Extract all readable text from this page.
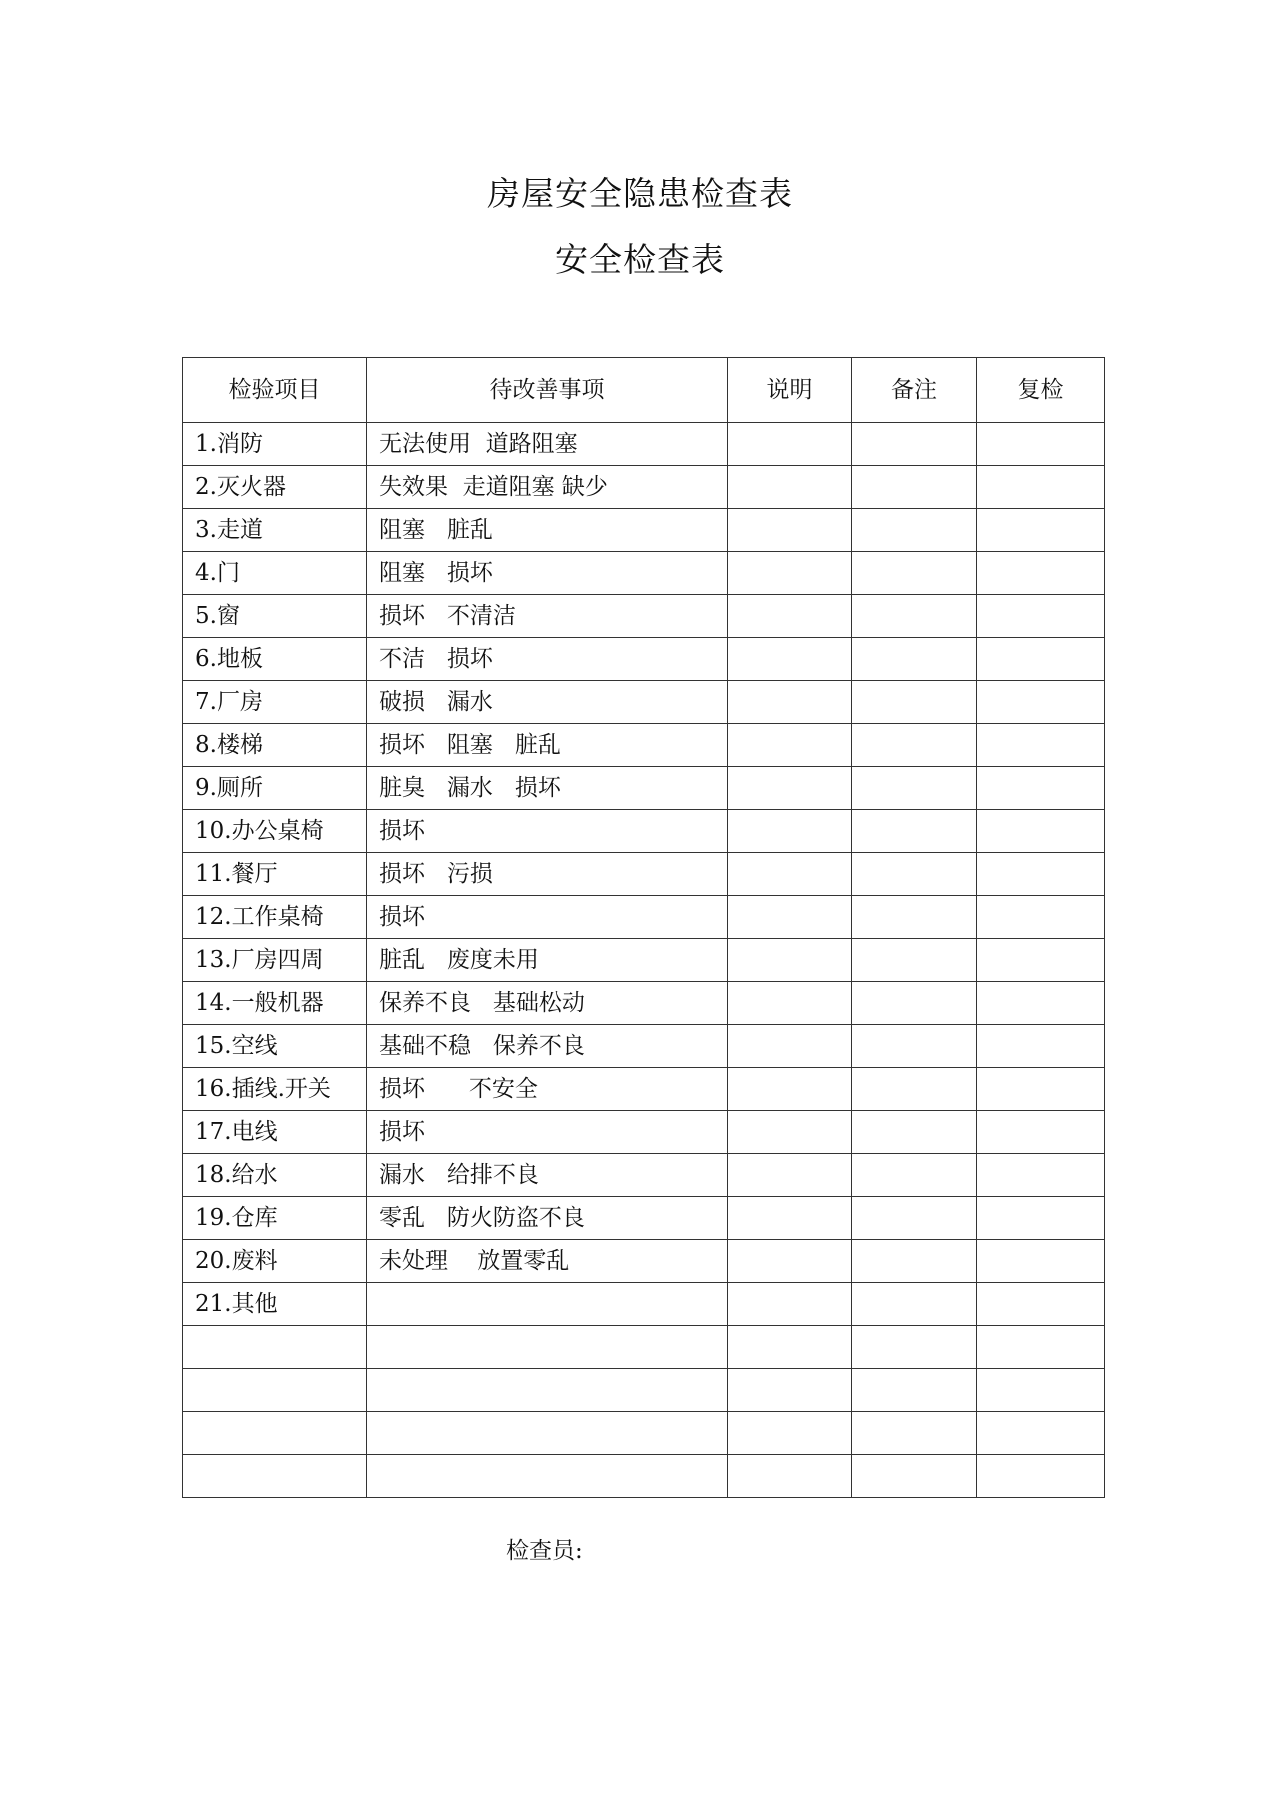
房屋安全隐患检查表
安全检查表
检验项目	待改善事项	说明	备注	复检
1.消防	无法使用  道路阻塞			
2.灭火器	失效果  走道阻塞 缺少			
3.走道	阻塞   脏乱			
4.门	阻塞   损坏			
5.窗	损坏   不清洁			
6.地板	不洁   损坏			
7.厂房	破损   漏水			
8.楼梯	损坏   阻塞   脏乱			
9.厕所	脏臭   漏水   损坏			
10.办公桌椅	损坏			
11.餐厅	损坏   污损			
12.工作桌椅	损坏			
13.厂房四周	脏乱   废度未用			
14.一般机器	保养不良   基础松动			
15.空线	基础不稳   保养不良			
16.插线.开关	损坏      不安全			
17.电线	损坏			
18.给水	漏水   给排不良			
19.仓库	零乱   防火防盗不良			
20.废料	未处理    放置零乱			
21.其他				

检查员:
